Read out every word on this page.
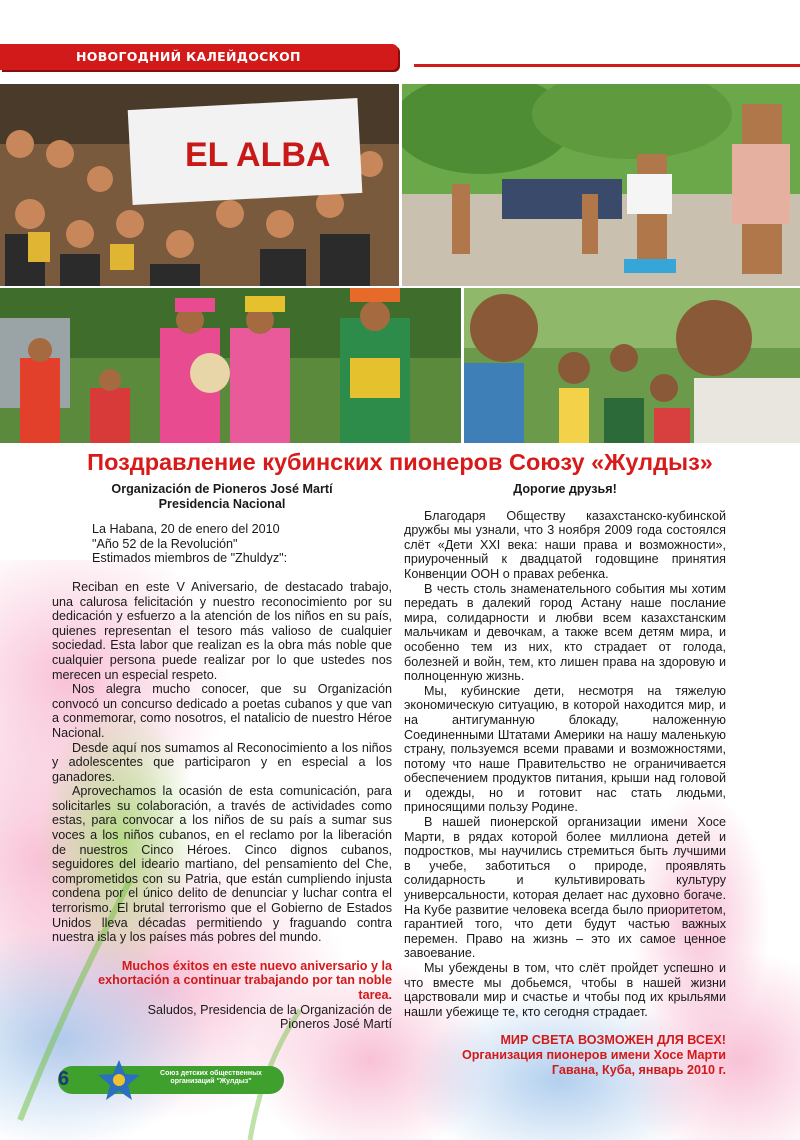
НОВОГОДНИЙ КАЛЕЙДОСКОП
EL ALBA
Поздравление кубинских пионеров Союзу «Жулдыз»
Organización de Pioneros José Martí
Presidencia Nacional
La Habana, 20 de enero del 2010
"Año 52 de la Revolución"
Estimados miembros de "Zhuldyz":

Reciban en este V Aniversario, de destacado trabajo, una calurosa felicitación y nuestro reconocimiento por su dedicación y esfuerzo a la atención de los niños en su país, quienes representan el tesoro más valioso de cualquier sociedad. Esta labor que realizan es la obra más noble que cualquier persona puede realizar por lo que ustedes nos merecen un especial respeto.

Nos alegra mucho conocer, que su Organización convocó un concurso dedicado a poetas cubanos y que van a conmemorar, como nosotros, el natalicio de nuestro Héroe Nacional.

Desde aquí nos sumamos al Reconocimiento a los niños y adolescentes que participaron y en especial a los ganadores.

Aprovechamos la ocasión de esta comunicación, para solicitarles su colaboración, a través de actividades como estas, para convocar a los niños de su país a sumar sus voces a los niños cubanos, en el reclamo por la liberación de nuestros Cinco Héroes. Cinco dignos cubanos, seguidores del ideario martiano, del pensamiento del Che, comprometidos con su Patria, que están cumpliendo injusta condena por el único delito de denunciar y luchar contra el terrorismo. El brutal terrorismo que el Gobierno de Estados Unidos lleva décadas permitiendo y fraguando contra nuestra isla y los países más pobres del mundo.

Muchos éxitos en este nuevo aniversario y la exhortación a continuar trabajando por tan noble tarea.
Saludos, Presidencia de la Organización de
Pioneros José Martí
Дорогие друзья!

Благодаря Обществу казахстанско-кубинской дружбы мы узнали, что 3 ноября 2009 года состоялся слёт «Дети XXI века: наши права и возможности», приуроченный к двадцатой годовщине принятия Конвенции ООН о правах ребенка.

В честь столь знаменательного события мы хотим передать в далекий город Астану наше послание мира, солидарности и любви всем казахстанским мальчикам и девочкам, а также всем детям мира, и особенно тем из них, кто страдает от голода, болезней и войн, тем, кто лишен права на здоровую и полноценную жизнь.

Мы, кубинские дети, несмотря на тяжелую экономическую ситуацию, в которой находится мир, и на антигуманную блокаду, наложенную Соединенными Штатами Америки на нашу маленькую страну, пользуемся всеми правами и возможностями, потому что наше Правительство не ограничивается обеспечением продуктов питания, крыши над головой и одежды, но и готовит нас стать людьми, приносящими пользу Родине.

В нашей пионерской организации имени Хосе Марти, в рядах которой более миллиона детей и подростков, мы научились стремиться быть лучшими в учебе, заботиться о природе, проявлять солидарность и культивировать культуру универсальности, которая делает нас духовно богаче. На Кубе развитие человека всегда было приоритетом, гарантией того, что дети будут частью важных перемен. Право на жизнь – это их самое ценное завоевание.

Мы убеждены в том, что слёт пройдет успешно и что вместе мы добьемся, чтобы в нашей жизни царствовали мир и счастье и чтобы под их крыльями нашли убежище те, кто сегодня страдает.

МИР СВЕТА ВОЗМОЖЕН ДЛЯ ВСЕХ!
Организация пионеров имени Хосе Марти
Гавана, Куба, январь 2010 г.
6	Союз детских общественных организаций "Жулдыз"
